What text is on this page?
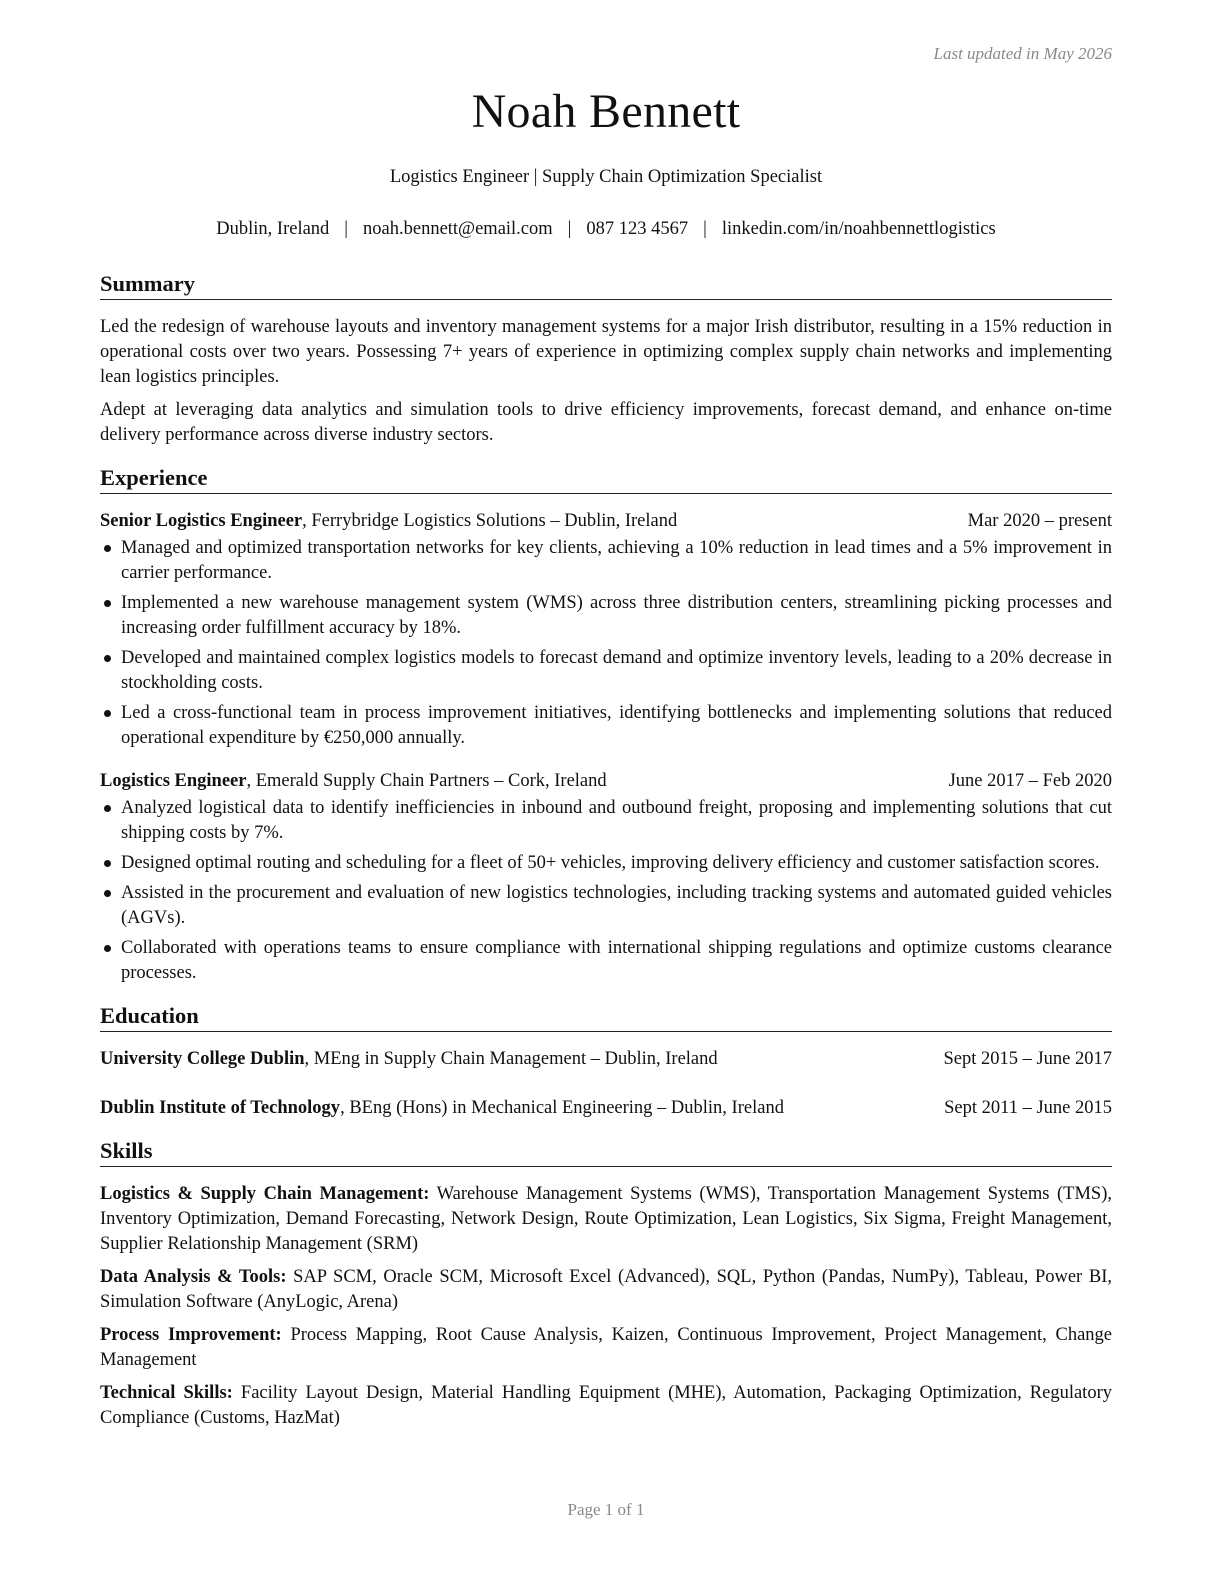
Last updated in May 2026
Noah Bennett
Logistics Engineer | Supply Chain Optimization Specialist
Dublin, Ireland | noah.bennett@email.com | 087 123 4567 | linkedin.com/in/noahbennettlogistics
Summary

Led the redesign of warehouse layouts and inventory management systems for a major Irish distributor, resulting in a 15% reduction in operational costs over two years. Possessing 7+ years of experience in optimizing complex supply chain networks and implementing lean logistics principles.

Adept at leveraging data analytics and simulation tools to drive efficiency improvements, forecast demand, and enhance on-time delivery performance across diverse industry sectors.

Experience
Senior Logistics Engineer, Ferrybridge Logistics Solutions – Dublin, Ireland	Mar 2020 – present
Managed and optimized transportation networks for key clients, achieving a 10% reduction in lead times and a 5% improvement in carrier performance.
Implemented a new warehouse management system (WMS) across three distribution centers, streamlining picking processes and increasing order fulfillment accuracy by 18%.
Developed and maintained complex logistics models to forecast demand and optimize inventory levels, leading to a 20% decrease in stockholding costs.
Led a cross-functional team in process improvement initiatives, identifying bottlenecks and implementing solutions that reduced operational expenditure by €250,000 annually.
Logistics Engineer, Emerald Supply Chain Partners – Cork, Ireland	June 2017 – Feb 2020
Analyzed logistical data to identify inefficiencies in inbound and outbound freight, proposing and implementing solutions that cut shipping costs by 7%.
Designed optimal routing and scheduling for a fleet of 50+ vehicles, improving delivery efficiency and customer satisfaction scores.
Assisted in the procurement and evaluation of new logistics technologies, including tracking systems and automated guided vehicles (AGVs).
Collaborated with operations teams to ensure compliance with international shipping regulations and optimize customs clearance processes.
Education
University College Dublin, MEng in Supply Chain Management – Dublin, Ireland	Sept 2015 – June 2017
Dublin Institute of Technology, BEng (Hons) in Mechanical Engineering – Dublin, Ireland	Sept 2011 – June 2015
Skills

Logistics & Supply Chain Management: Warehouse Management Systems (WMS), Transportation Management Systems (TMS), Inventory Optimization, Demand Forecasting, Network Design, Route Optimization, Lean Logistics, Six Sigma, Freight Management, Supplier Relationship Management (SRM)

Data Analysis & Tools: SAP SCM, Oracle SCM, Microsoft Excel (Advanced), SQL, Python (Pandas, NumPy), Tableau, Power BI, Simulation Software (AnyLogic, Arena)

Process Improvement: Process Mapping, Root Cause Analysis, Kaizen, Continuous Improvement, Project Management, Change Management

Technical Skills: Facility Layout Design, Material Handling Equipment (MHE), Automation, Packaging Optimization, Regulatory Compliance (Customs, HazMat)

Page 1 of 1
